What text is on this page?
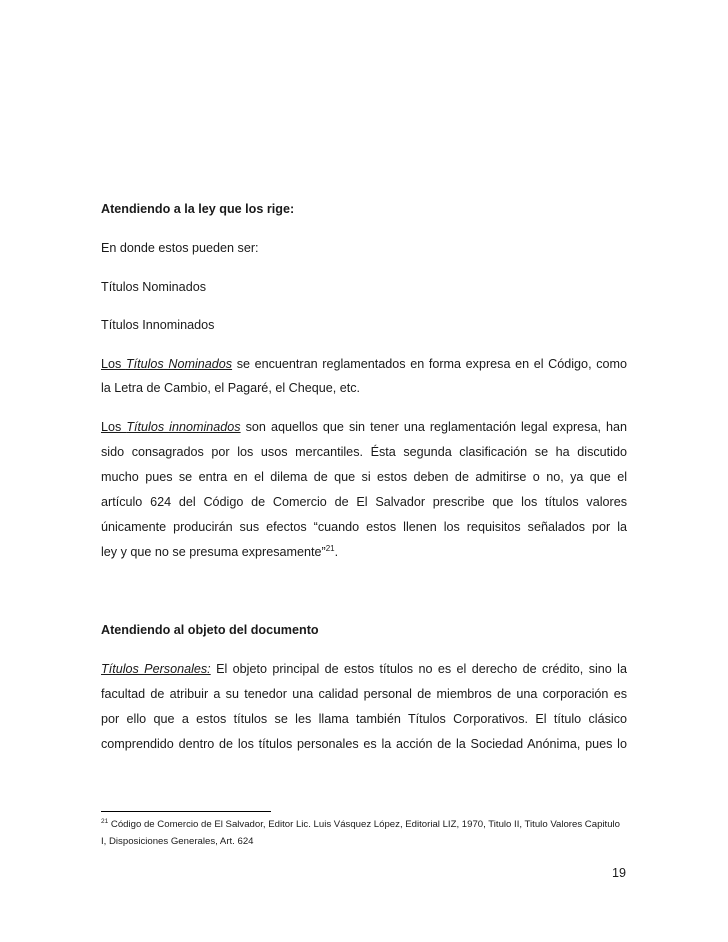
Atendiendo a la ley que los rige:
En donde estos pueden ser:
Títulos Nominados
Títulos Innominados
Los Títulos Nominados se encuentran reglamentados en forma expresa en el Código, como
la Letra de Cambio, el Pagaré, el Cheque, etc.
Los Títulos innominados son aquellos que sin tener una reglamentación legal expresa, han
sido consagrados por los usos mercantiles. Ésta segunda clasificación se ha discutido
mucho pues se entra en el dilema de que si estos deben de admitirse o no, ya que el
artículo 624 del Código de Comercio de El Salvador prescribe que los títulos valores
únicamente producirán sus efectos “cuando estos llenen los requisitos señalados por la
ley y que no se presuma expresamente”$^{21}$.
Atendiendo al objeto del documento
Títulos Personales: El objeto principal de estos títulos no es el derecho de crédito, sino la
facultad de atribuir a su tenedor una calidad personal de miembros de una corporación es
por ello que a estos títulos se les llama también Títulos Corporativos. El título clásico
comprendido dentro de los títulos personales es la acción de la Sociedad Anónima, pues lo
$^{21}$ Código de Comercio de El Salvador, Editor Lic. Luis Vásquez López, Editorial LIZ, 1970, Titulo II, Titulo Valores Capitulo
I, Disposiciones Generales, Art. 624
19
